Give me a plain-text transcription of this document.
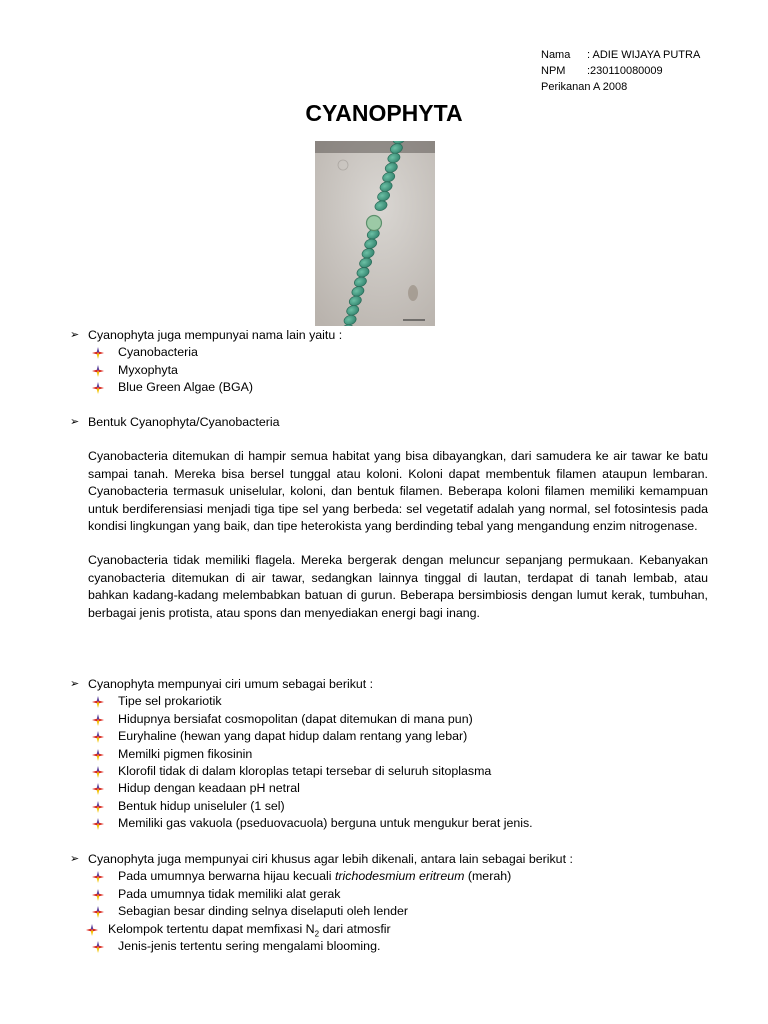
Nama	: ADIE WIJAYA PUTRA
NPM	:230110080009
Perikanan A 2008
CYANOPHYTA
➢ Cyanophyta juga mempunyai nama lain yaitu :
Cyanobacteria
Myxophyta
Blue Green Algae (BGA)
➢ Bentuk Cyanophyta/Cyanobacteria

Cyanobacteria ditemukan di hampir semua habitat yang bisa dibayangkan, dari samudera ke air tawar ke batu sampai tanah. Mereka bisa bersel tunggal atau koloni. Koloni dapat membentuk filamen ataupun lembaran. Cyanobacteria termasuk uniselular, koloni, dan bentuk filamen. Beberapa koloni filamen memiliki kemampuan untuk berdiferensiasi menjadi tiga tipe sel yang berbeda: sel vegetatif adalah yang normal, sel fotosintesis pada kondisi lingkungan yang baik, dan tipe heterokista yang berdinding tebal yang mengandung enzim nitrogenase.

Cyanobacteria tidak memiliki flagela. Mereka bergerak dengan meluncur sepanjang permukaan. Kebanyakan cyanobacteria ditemukan di air tawar, sedangkan lainnya tinggal di lautan, terdapat di tanah lembab, atau bahkan kadang-kadang melembabkan batuan di gurun. Beberapa bersimbiosis dengan lumut kerak, tumbuhan, berbagai jenis protista, atau spons dan menyediakan energi bagi inang.

➢ Cyanophyta mempunyai ciri umum sebagai berikut :
Tipe sel prokariotik
Hidupnya bersiafat cosmopolitan (dapat ditemukan di mana pun)
Euryhaline (hewan yang dapat hidup dalam rentang yang lebar)
Memilki pigmen fikosinin
Klorofil tidak di dalam kloroplas tetapi tersebar di seluruh sitoplasma
Hidup dengan keadaan pH netral
Bentuk hidup uniseluler (1 sel)
Memiliki gas vakuola (pseduovacuola) berguna untuk mengukur berat jenis.
➢ Cyanophyta juga mempunyai ciri khusus agar lebih dikenali, antara lain sebagai berikut :
Pada umumnya berwarna hijau kecuali trichodesmium eritreum (merah)
Pada umumnya tidak memiliki alat gerak
Sebagian besar dinding selnya diselaputi oleh lender
Kelompok tertentu dapat memfixasi $N_2$ dari atmosfir
Jenis-jenis tertentu sering mengalami blooming.
